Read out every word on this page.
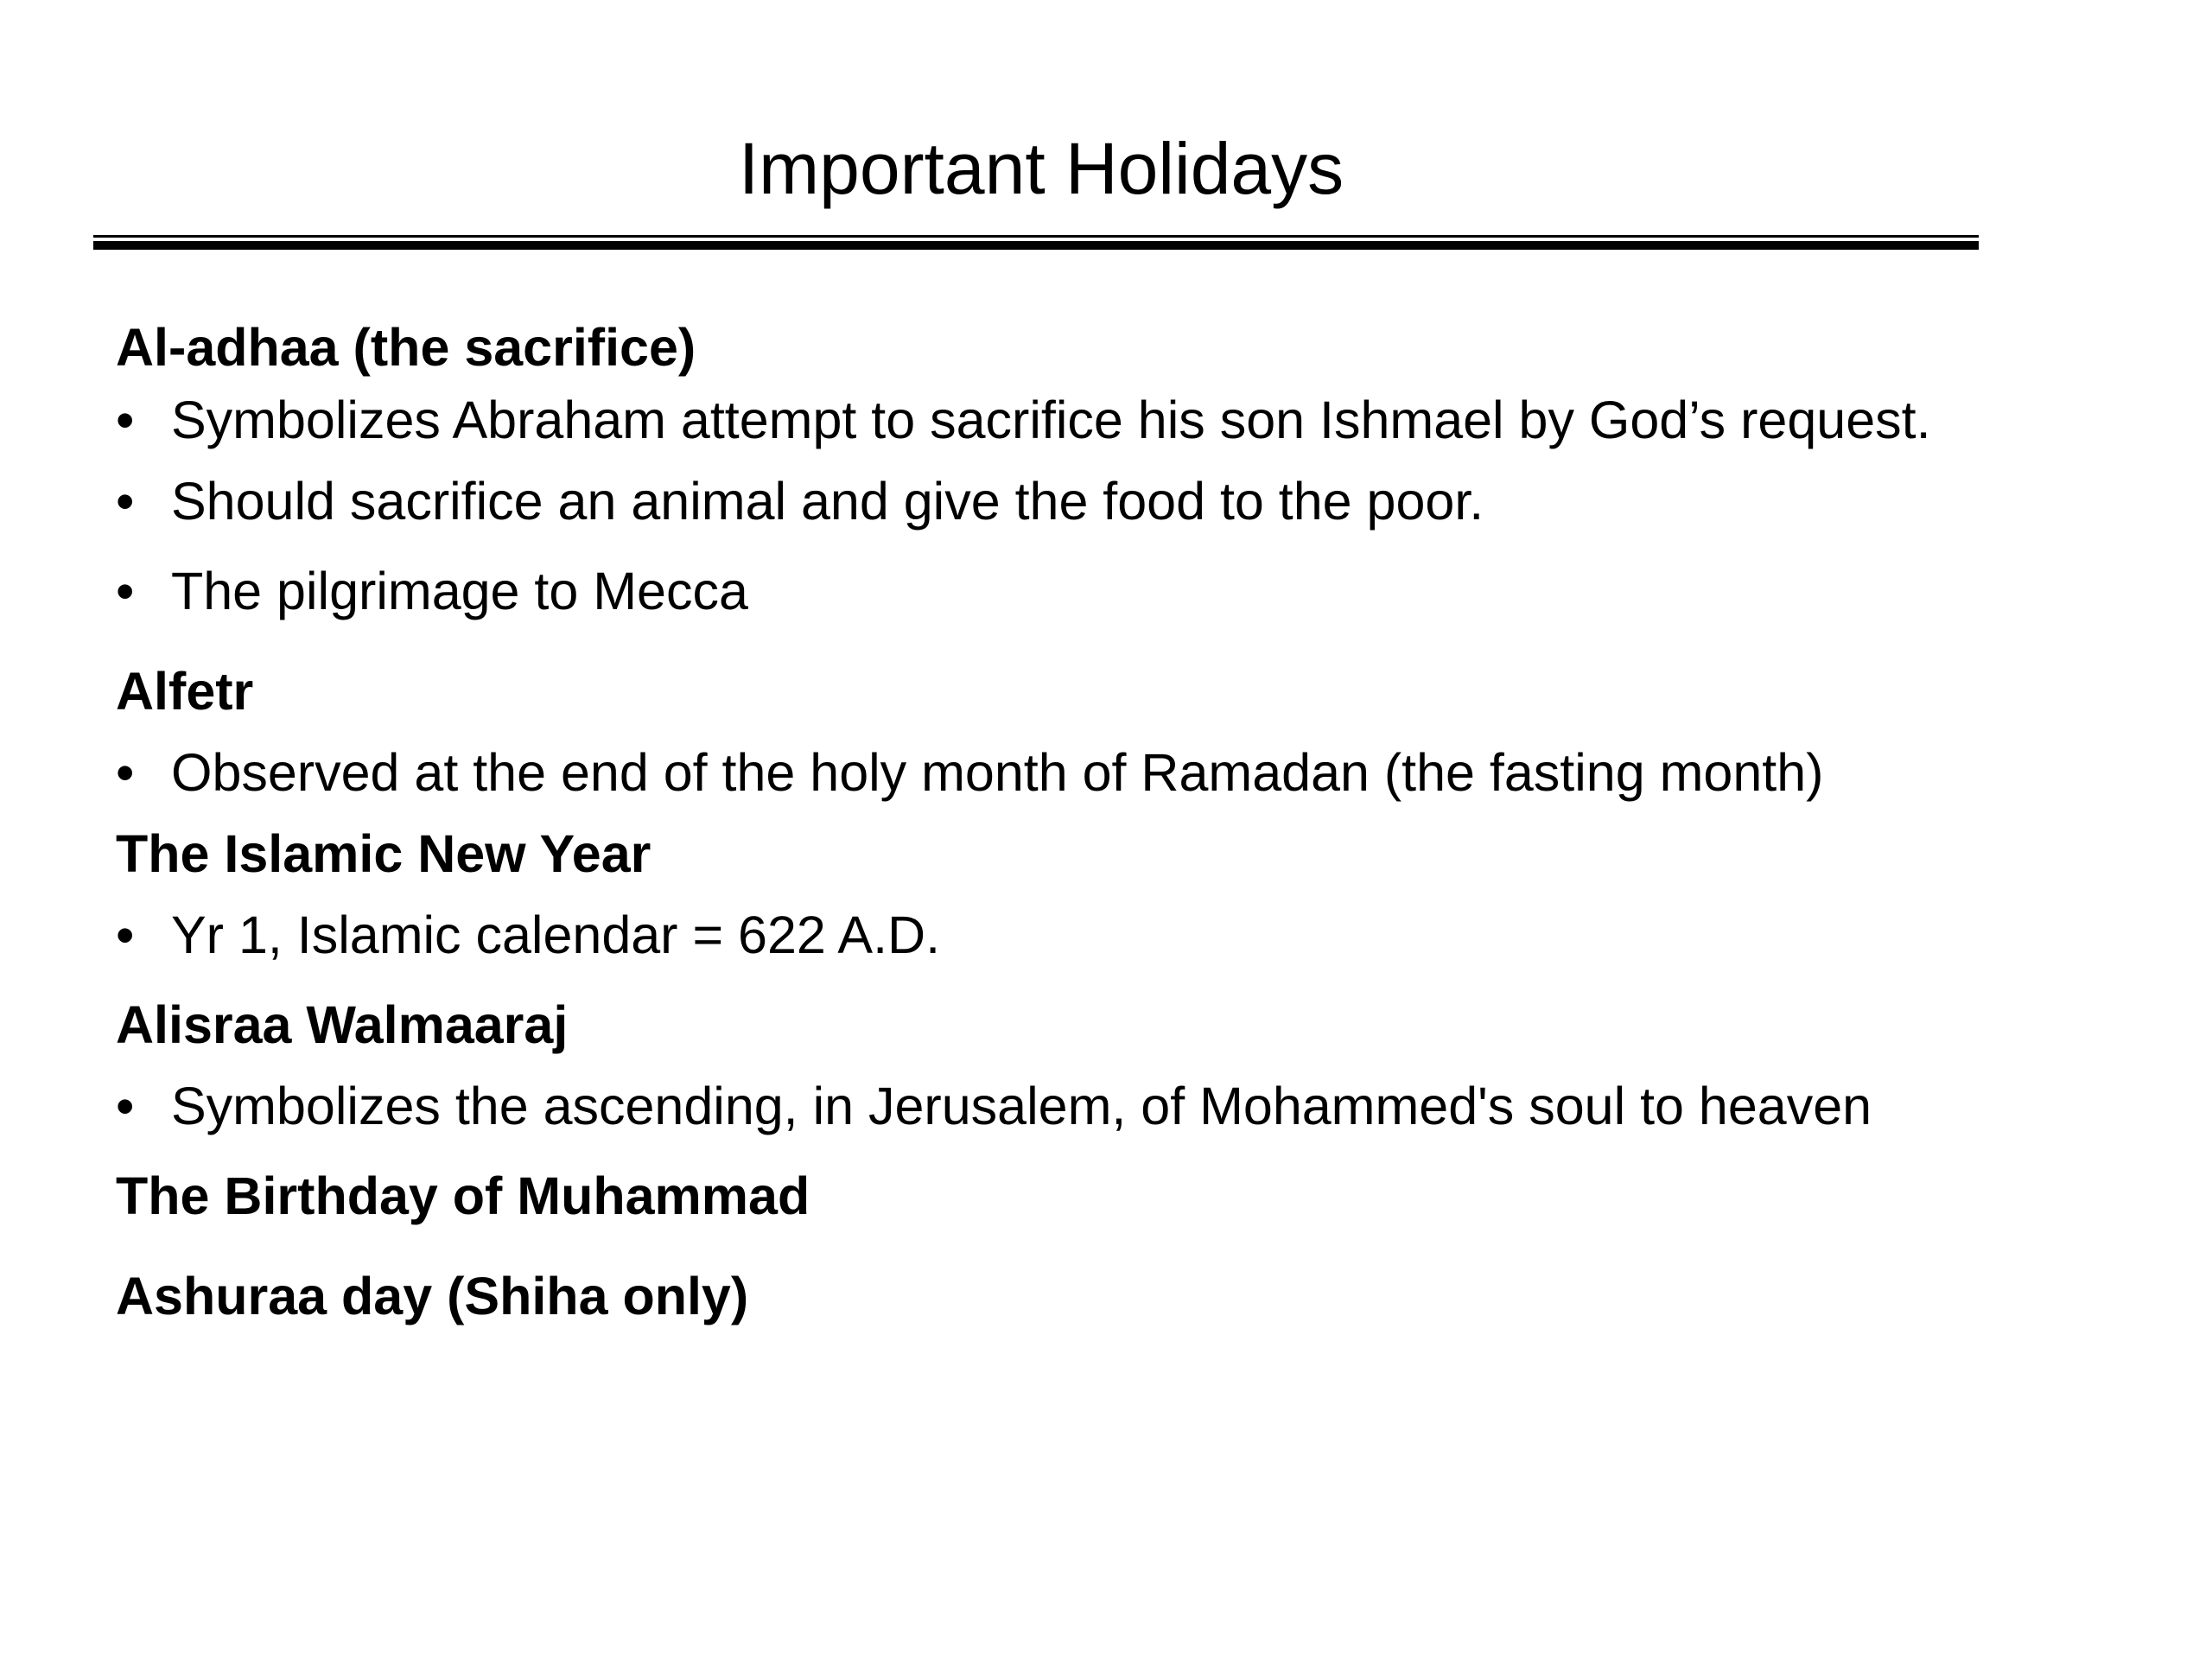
Important Holidays
Al-adhaa (the sacrifice)
• Symbolizes Abraham attempt to sacrifice his son Ishmael by God’s request.
• Should sacrifice an animal and give the food to the poor.
• The pilgrimage to Mecca
Alfetr
• Observed at the end of the holy month of Ramadan (the fasting month)
The Islamic New Year
• Yr 1, Islamic calendar = 622 A.D.
Alisraa Walmaaraj
• Symbolizes the ascending, in Jerusalem, of Mohammed's soul to heaven
The Birthday of Muhammad
Ashuraa day (Shiha only)
